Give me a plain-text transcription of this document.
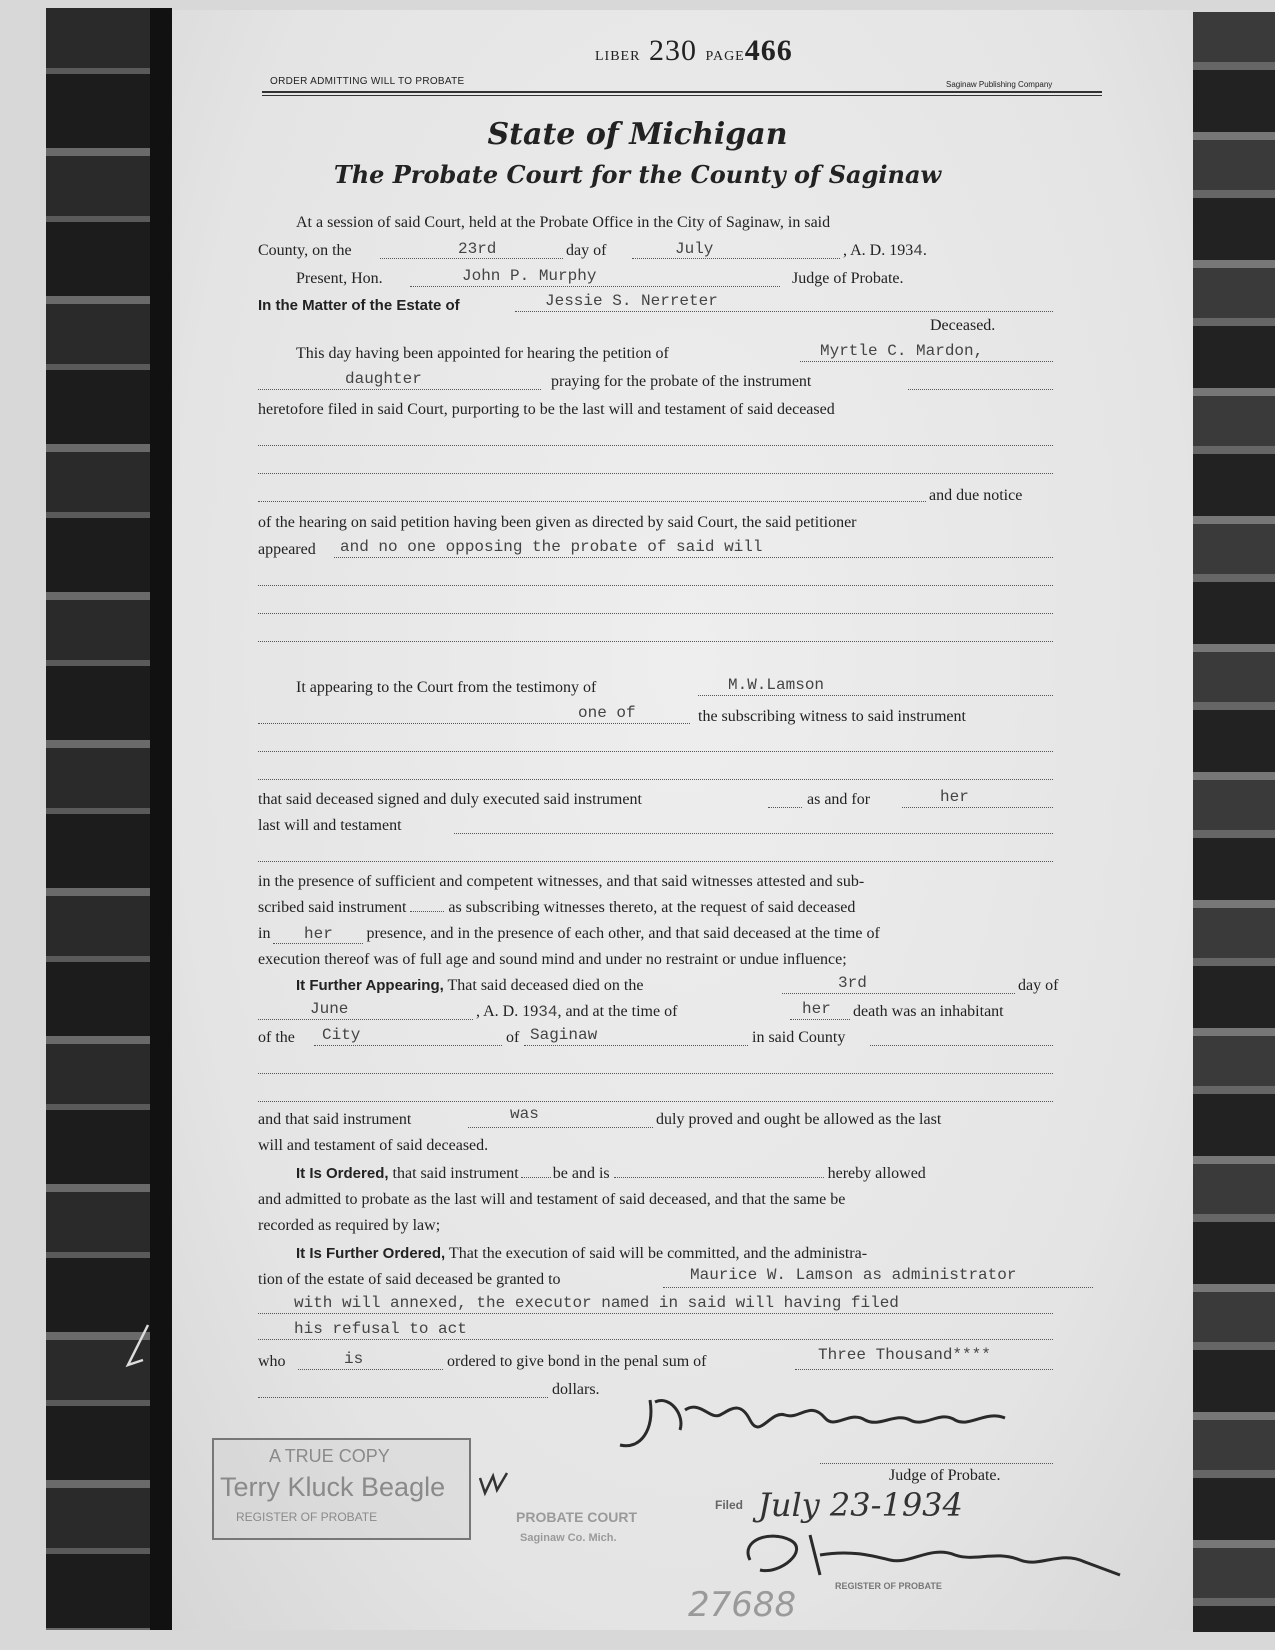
LIBER 230 PAGE466
ORDER ADMITTING WILL TO PROBATE	Saginaw Publishing Company
State of Michigan
The Probate Court for the County of Saginaw
At a session of said Court, held at the Probate Office in the City of Saginaw, in said
County, on the	23rd	day of	July	, A. D. 1934.
Present, Hon.	John P. Murphy	Judge of Probate.
In the Matter of the Estate of	Jessie S. Nerreter
Deceased.
This day having been appointed for hearing the petition of	Myrtle C. Mardon,
daughter	praying for the probate of the instrument
heretofore filed in said Court, purporting to be the last will and testament of said deceased
and due notice
of the hearing on said petition having been given as directed by said Court, the said petitioner
appeared and no one opposing the probate of said will
It appearing to the Court from the testimony of	M.W.Lamson
one of	the subscribing witness to said instrument
that said deceased signed and duly executed said instrument	as and for	her
last will and testament
in the presence of sufficient and competent witnesses, and that said witnesses attested and sub-
scribed said instrument	as subscribing witnesses thereto, at the request of said deceased
in her presence, and in the presence of each other, and that said deceased at the time of
execution thereof was of full age and sound mind and under no restraint or undue influence;
It Further Appearing, That said deceased died on the	3rd	day of
June	, A. D. 1934, and at the time of	her death was an inhabitant
of the City	of Saginaw	in said County
and that said instrument	was	duly proved and ought be allowed as the last
will and testament of said deceased.
It Is Ordered, that said instrument be and is	hereby allowed
and admitted to probate as the last will and testament of said deceased, and that the same be
recorded as required by law;
It Is Further Ordered, That the execution of said will be committed, and the administra-
tion of the estate of said deceased be granted to	Maurice W. Lamson as administrator
with will annexed, the executor named in said will having filed
his refusal to act
who	is	ordered to give bond in the penal sum of	Three Thousand****
dollars.
Judge of Probate.
A TRUE COPY
Terry Kluck Beagle
REGISTER OF PROBATE	PROBATE COURT
Saginaw Co. Mich.
Filed July 23-1934
REGISTER OF PROBATE
27688
